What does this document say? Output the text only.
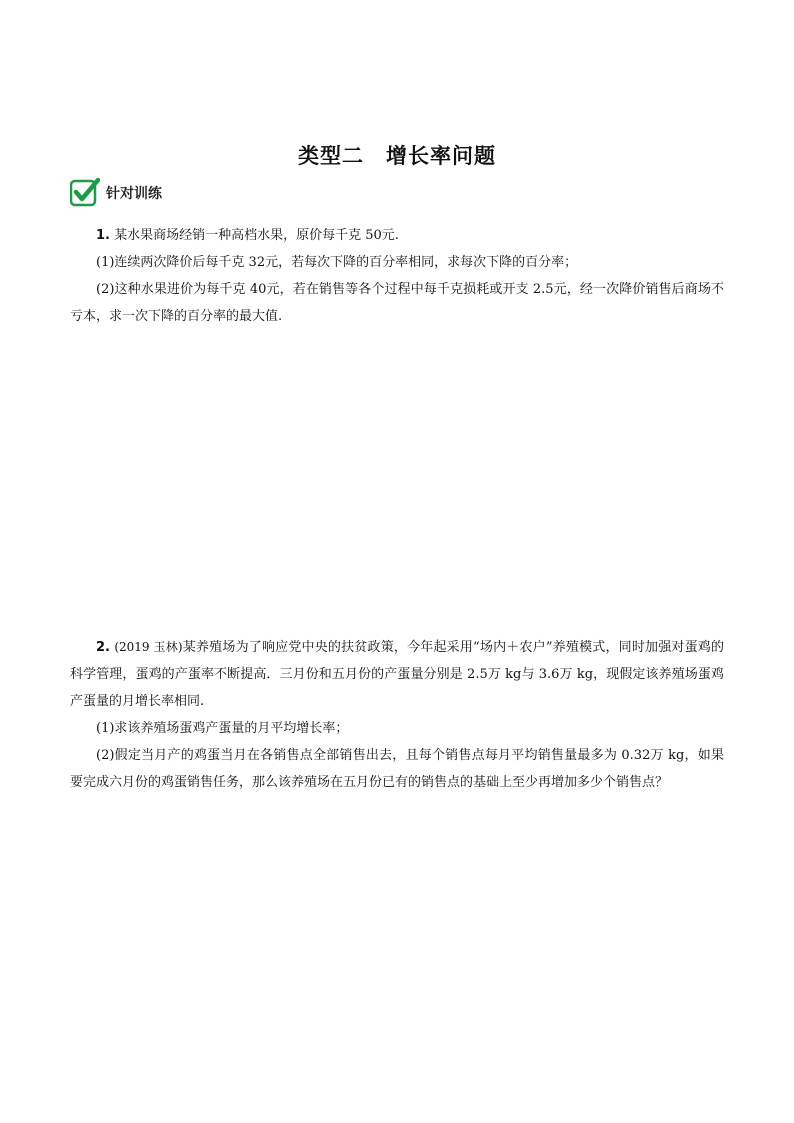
类型二　增长率问题
针对训练

1. 某水果商场经销一种高档水果，原价每千克 50元.

(1)连续两次降价后每千克 32元，若每次下降的百分率相同，求每次下降的百分率；

(2)这种水果进价为每千克 40元，若在销售等各个过程中每千克损耗或开支 2.5元，经一次降价销售后商场不亏本，求一次下降的百分率的最大值.

2. (2019 玉林)某养殖场为了响应党中央的扶贫政策，今年起采用“场内＋农户”养殖模式，同时加强对蛋鸡的科学管理，蛋鸡的产蛋率不断提高．三月份和五月份的产蛋量分别是 2.5万 kg与 3.6万 kg，现假定该养殖场蛋鸡产蛋量的月增长率相同.

(1)求该养殖场蛋鸡产蛋量的月平均增长率；

(2)假定当月产的鸡蛋当月在各销售点全部销售出去，且每个销售点每月平均销售量最多为 0.32万 kg，如果要完成六月份的鸡蛋销售任务，那么该养殖场在五月份已有的销售点的基础上至少再增加多少个销售点？
